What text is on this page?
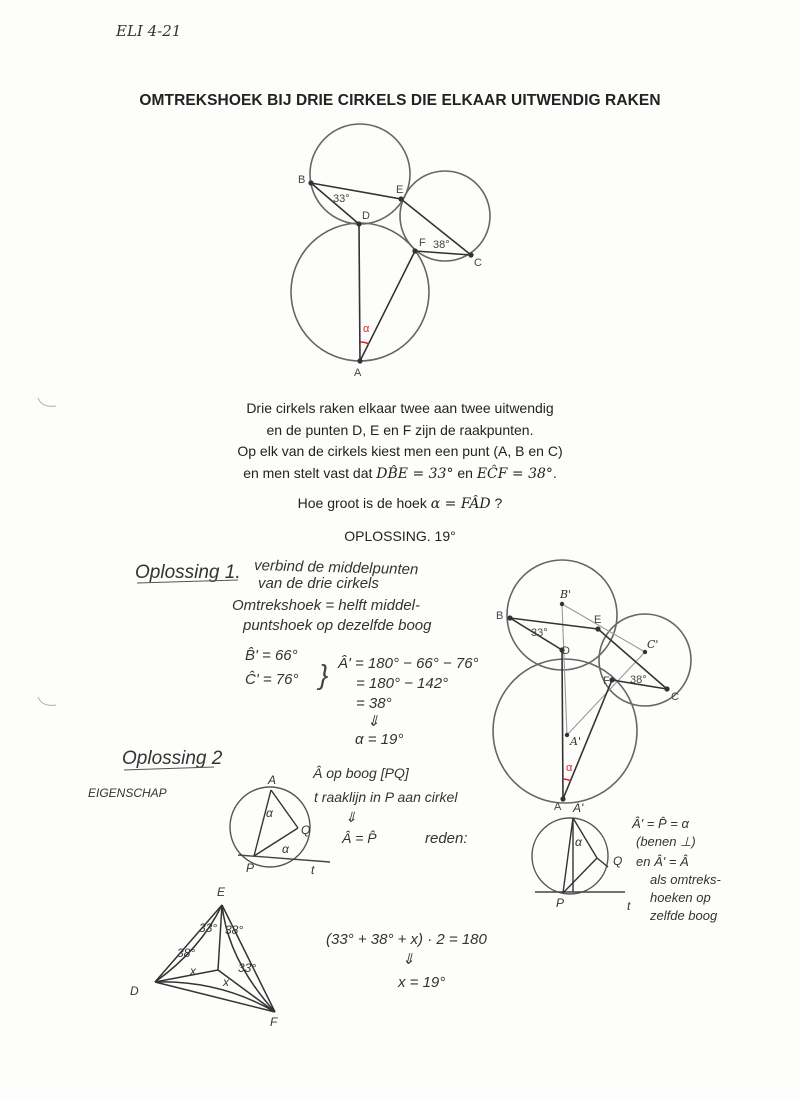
ELI 4-21
OMTREKSHOEK BIJ DRIE CIRKELS DIE ELKAAR UITWENDIG RAKEN
B
E
D
F
C
A
33°
38°
α
Drie cirkels raken elkaar twee aan twee uitwendig
en de punten D, E en F zijn de raakpunten.
Op elk van de cirkels kiest men een punt (A, B en C)
en men stelt vast dat DB̂E = 33° en EĈF = 38°.
Hoe groot is de hoek α = FÂD ?
OPLOSSING. 19°
Oplossing 1. verbind de middelpunten
van de drie cirkels
Omtrekshoek = helft middel-
puntshoek op dezelfde boog
B̂' = 66°
Ĉ' = 76° } Â' = 180° − 66° − 76°
= 180° − 142°
= 38°
⇓
α = 19°
B
B'
E
C'
D
F
C
A'
A
33°
38°
α
Oplossing 2
EIGENSCHAP
Â op boog [PQ]
t raaklijn in P aan cirkel
⇓
Â = P̂	reden:
Â' = P̂ = α
(benen ⊥)
en Â' = Â
als omtreks-
hoeken op
zelfde boog
A
P
Q
t
α
α
A'
P
Q
t
α
E
D
F
33° 38°
38°
33°
x
x
(33° + 38° + x) · 2 = 180
⇓
x = 19°
